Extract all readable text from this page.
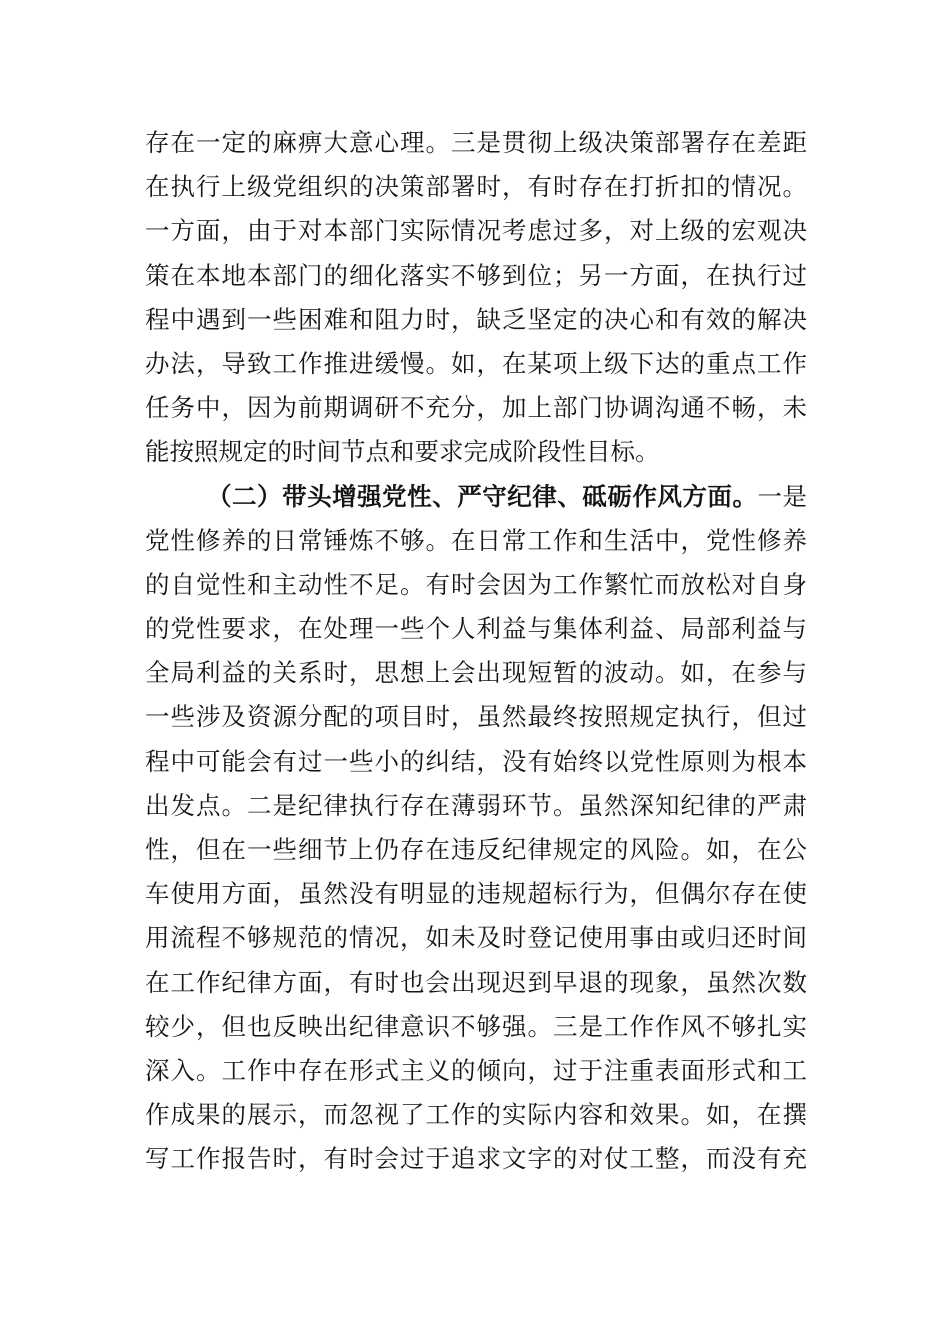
存在一定的麻痹大意心理。三是贯彻上级决策部署存在差距
在执行上级党组织的决策部署时，有时存在打折扣的情况。
一方面，由于对本部门实际情况考虑过多，对上级的宏观决
策在本地本部门的细化落实不够到位；另一方面，在执行过
程中遇到一些困难和阻力时，缺乏坚定的决心和有效的解决
办法，导致工作推进缓慢。如，在某项上级下达的重点工作
任务中，因为前期调研不充分，加上部门协调沟通不畅，未
能按照规定的时间节点和要求完成阶段性目标。
（二）带头增强党性、严守纪律、砥砺作风方面。一是
党性修养的日常锤炼不够。在日常工作和生活中，党性修养
的自觉性和主动性不足。有时会因为工作繁忙而放松对自身
的党性要求，在处理一些个人利益与集体利益、局部利益与
全局利益的关系时，思想上会出现短暂的波动。如，在参与
一些涉及资源分配的项目时，虽然最终按照规定执行，但过
程中可能会有过一些小的纠结，没有始终以党性原则为根本
出发点。二是纪律执行存在薄弱环节。虽然深知纪律的严肃
性，但在一些细节上仍存在违反纪律规定的风险。如，在公
车使用方面，虽然没有明显的违规超标行为，但偶尔存在使
用流程不够规范的情况，如未及时登记使用事由或归还时间
在工作纪律方面，有时也会出现迟到早退的现象，虽然次数
较少，但也反映出纪律意识不够强。三是工作作风不够扎实
深入。工作中存在形式主义的倾向，过于注重表面形式和工
作成果的展示，而忽视了工作的实际内容和效果。如，在撰
写工作报告时，有时会过于追求文字的对仗工整，而没有充
